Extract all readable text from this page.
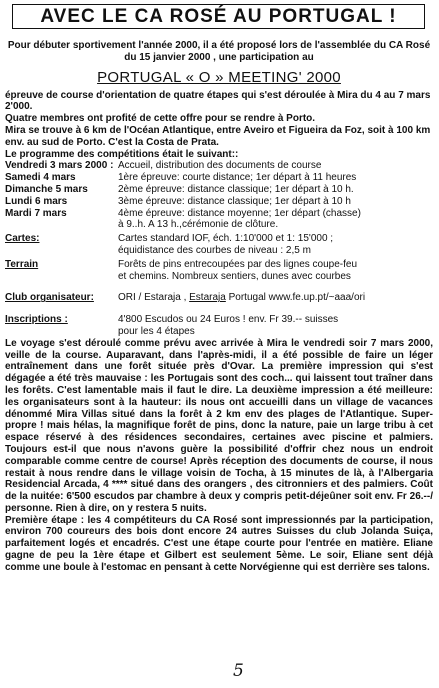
AVEC LE CA ROSÉ AU PORTUGAL !

Pour débuter sportivement l'année 2000, il a été proposé lors de l'assemblée du CA Rosé du 15 janvier 2000 , une participation au

PORTUGAL « O » MEETING' 2000

épreuve de course d'orientation de quatre étapes qui s'est déroulée à Mira du 4 au 7 mars 2'000.

Quatre membres ont profité de cette offre pour se rendre à Porto.

Mira se trouve à 6 km de l'Océan Atlantique, entre Aveiro et Figueira da Foz, soit à 100 km env. au sud de Porto. C'est la Costa de Prata.

Le programme des compétitions était le suivant::

Vendredi 3 mars 2000 :	Accueil, distribution des documents de course
Samedi 4 mars	1ère épreuve: courte distance; 1er départ à 11 heures
Dimanche 5 mars	2ème épreuve: distance classique; 1er départ à 10 h.
Lundi 6 mars	3ème épreuve: distance classique; 1er départ à 10 h
Mardi 7 mars	4ème épreuve: distance moyenne; 1er départ (chasse)
	à 9..h. A 13 h.,cérémonie de clôture.
Cartes:	Cartes standard IOF, éch. 1:10'000 et 1: 15'000 ;
équidistance des courbes de niveau : 2,5 m
Terrain	Forêts de pins entrecoupées par des lignes coupe-feu
et chemins. Nombreux sentiers, dunes avec courbes
Club organisateur:	ORI / Estaraja , Estaraja Portugal www.fe.up.pt/~aaa/ori
Inscriptions :	4'800 Escudos ou 24 Euros ! env. Fr 39.-- suisses
pour les 4 étapes

Le voyage s'est déroulé comme prévu avec arrivée à Mira le vendredi soir 7 mars 2000, veille de la course. Auparavant, dans l'après-midi, il a été possible de faire un léger entraînement dans une forêt située près d'Ovar. La première impression qui s'est dégagée a été très mauvaise : les Portugais sont des coch... qui laissent tout traîner dans les forêts. C'est lamentable mais il faut le dire. La deuxième impression a été meilleure: les organisateurs sont à la hauteur: ils nous ont accueilli dans un village de vacances dénommé Mira Villas situé dans la forêt à 2 km env des plages de l'Atlantique. Super-propre ! mais hélas, la magnifique forêt de pins, donc la nature, paie un large tribu à cet espace réservé à des résidences secondaires, certaines avec piscine et palmiers. Toujours est-il que nous n'avons guère la possibilité d'offrir chez nous un endroit comparable comme centre de course! Après réception des documents de course, il nous restait à nous rendre dans le village voisin de Tocha, à 15 minutes de là, à l'Albergaria Residencial Arcada, 4 **** situé dans des orangers , des citronniers et des palmiers. Coût de la nuitée: 6'500 escudos par chambre à deux y compris petit-déjeûner soit env. Fr 26.--/ personne. Rien à dire, on y restera 5 nuits.

Première étape : les 4 compétiteurs du CA Rosé sont impressionnés par la participation, environ 700 coureurs des bois dont encore 24 autres Suisses du club Jolanda Suiça, parfaitement logés et encadrés. C'est une étape courte pour l'entrée en matière. Eliane gagne de peu la 1ère étape et Gilbert est seulement 5ème. Le soir, Eliane sent déjà comme une boule à l'estomac en pensant à cette Norvégienne qui est derrière ses talons.

5
